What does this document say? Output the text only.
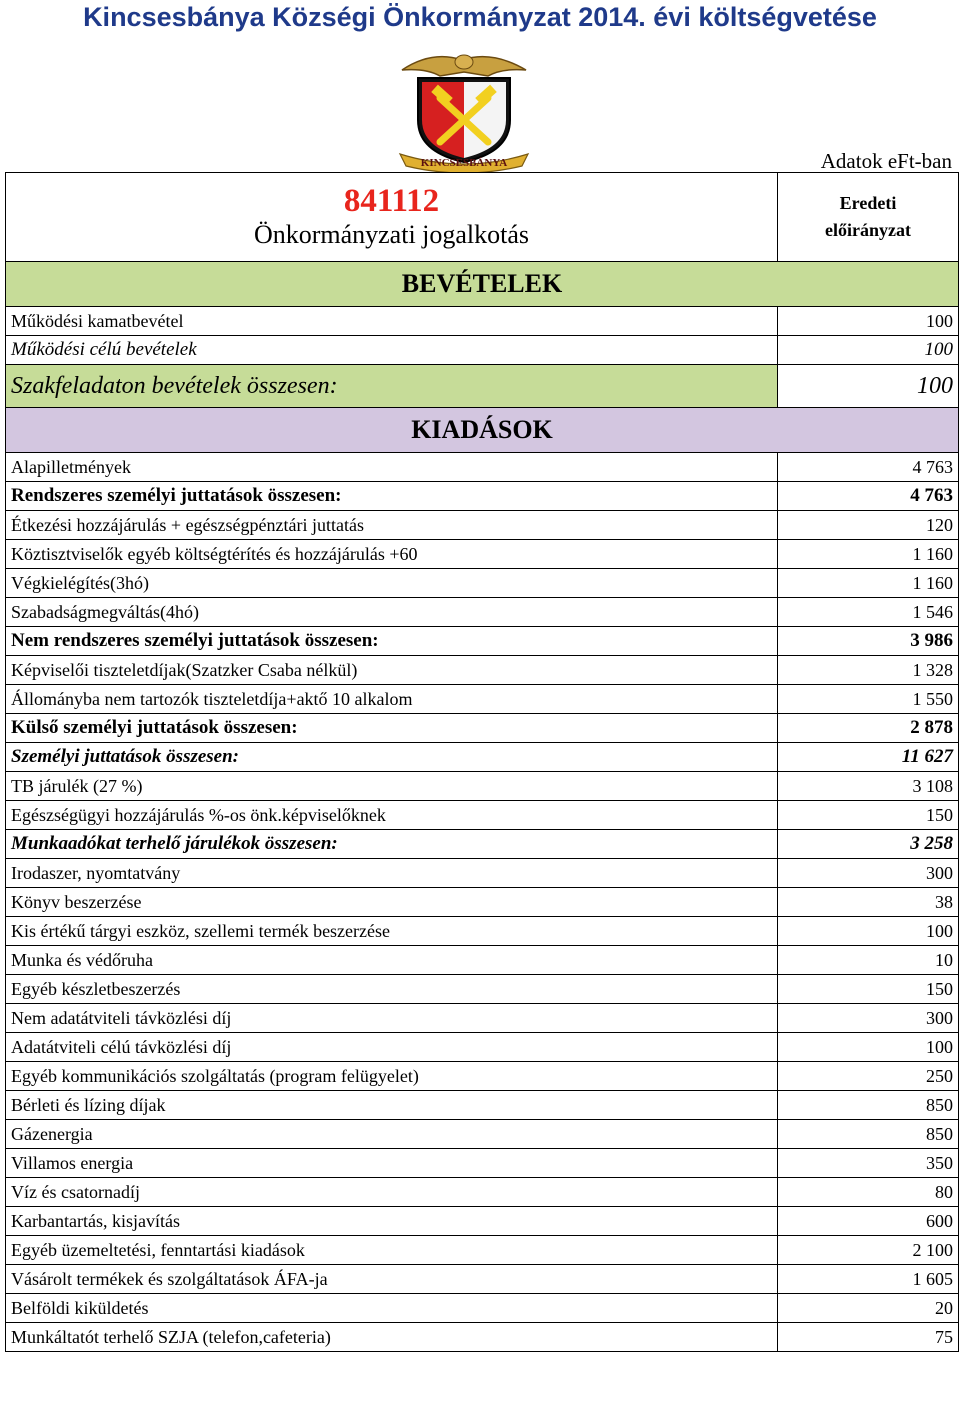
Kincsesbánya Községi Önkormányzat 2014. évi költségvetése
KINCSESBÁNYA	Adatok eFt-ban
841112
Önkormányzati jogalkotás	Eredeti
előirányzat
BEVÉTELEK	
Működési kamatbevétel	100
Működési célú bevételek	100
Szakfeladaton bevételek összesen:	100
KIADÁSOK	
Alapilletmények	4 763
Rendszeres személyi juttatások összesen:	4 763
Étkezési hozzájárulás + egészségpénztári juttatás	120
Köztisztviselők egyéb költségtérítés és hozzájárulás +60	1 160
Végkielégítés(3hó)	1 160
Szabadságmegváltás(4hó)	1 546
Nem rendszeres személyi juttatások összesen:	3 986
Képviselői tiszteletdíjak(Szatzker Csaba nélkül)	1 328
Állományba nem tartozók tiszteletdíja+aktő 10 alkalom	1 550
Külső személyi juttatások összesen:	2 878
Személyi juttatások összesen:	11 627
TB járulék (27 %)	3 108
Egészségügyi hozzájárulás %-os önk.képviselőknek	150
Munkaadókat terhelő járulékok összesen:	3 258
Irodaszer, nyomtatvány	300
Könyv beszerzése	38
Kis értékű tárgyi eszköz, szellemi termék beszerzése	100
Munka és védőruha	10
Egyéb készletbeszerzés	150
Nem adatátviteli távközlési díj	300
Adatátviteli célú távközlési díj	100
Egyéb kommunikációs szolgáltatás (program felügyelet)	250
Bérleti és lízing díjak	850
Gázenergia	850
Villamos energia	350
Víz és csatornadíj	80
Karbantartás, kisjavítás	600
Egyéb üzemeltetési, fenntartási kiadások	2 100
Vásárolt termékek és szolgáltatások ÁFA-ja	1 605
Belföldi kiküldetés	20
Munkáltatót terhelő SZJA (telefon,cafeteria)	75
